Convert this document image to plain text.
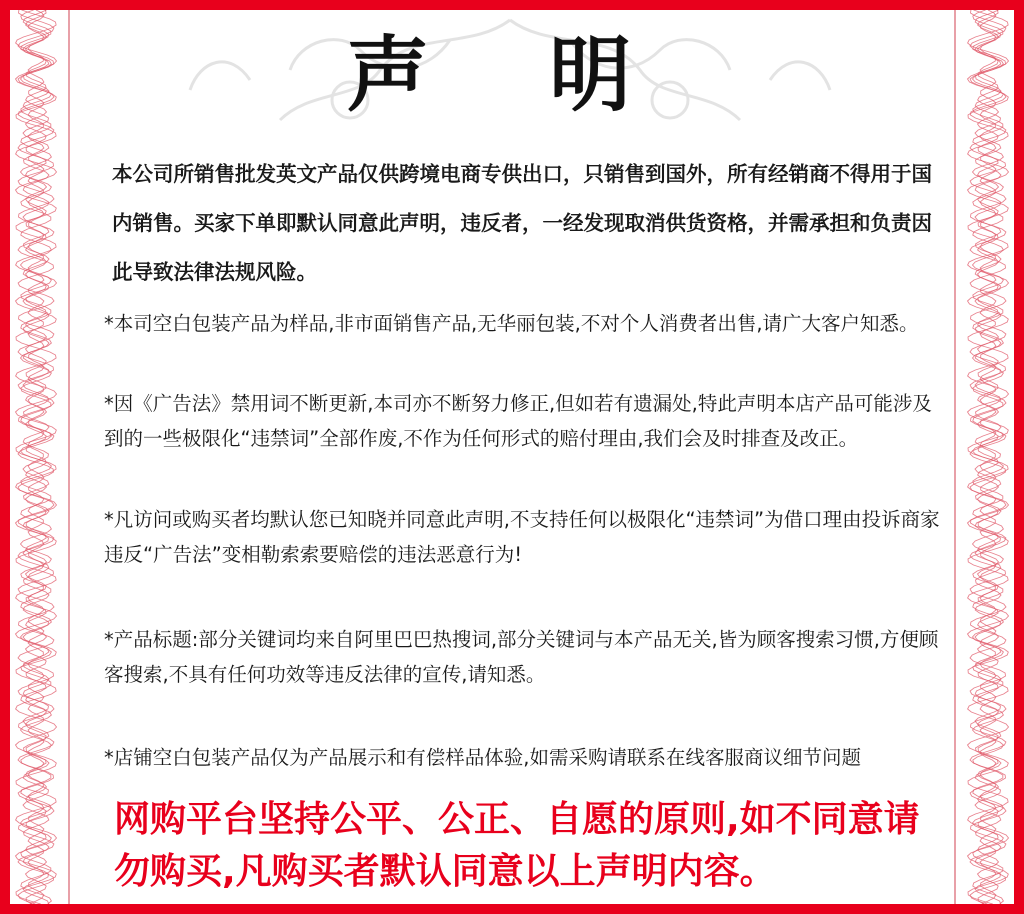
声 明

本公司所销售批发英文产品仅供跨境电商专供出口，只销售到国外，所有经销商不得用于国内销售。买家下单即默认同意此声明，违反者，一经发现取消供货资格，并需承担和负责因此导致法律法规风险。

*本司空白包装产品为样品,非市面销售产品,无华丽包装,不对个人消费者出售,请广大客户知悉。

*因《广告法》禁用词不断更新,本司亦不断努力修正,但如若有遗漏处,特此声明本店产品可能涉及到的一些极限化“违禁词”全部作废,不作为任何形式的赔付理由,我们会及时排查及改正。

*凡访问或购买者均默认您已知晓并同意此声明,不支持任何以极限化“违禁词”为借口理由投诉商家违反“广告法”变相勒索索要赔偿的违法恶意行为!

*产品标题:部分关键词均来自阿里巴巴热搜词,部分关键词与本产品无关,皆为顾客搜索习惯,方便顾客搜索,不具有任何功效等违反法律的宣传,请知悉。

*店铺空白包装产品仅为产品展示和有偿样品体验,如需采购请联系在线客服商议细节问题

网购平台坚持公平、公正、自愿的原则,如不同意请勿购买,凡购买者默认同意以上声明内容。
